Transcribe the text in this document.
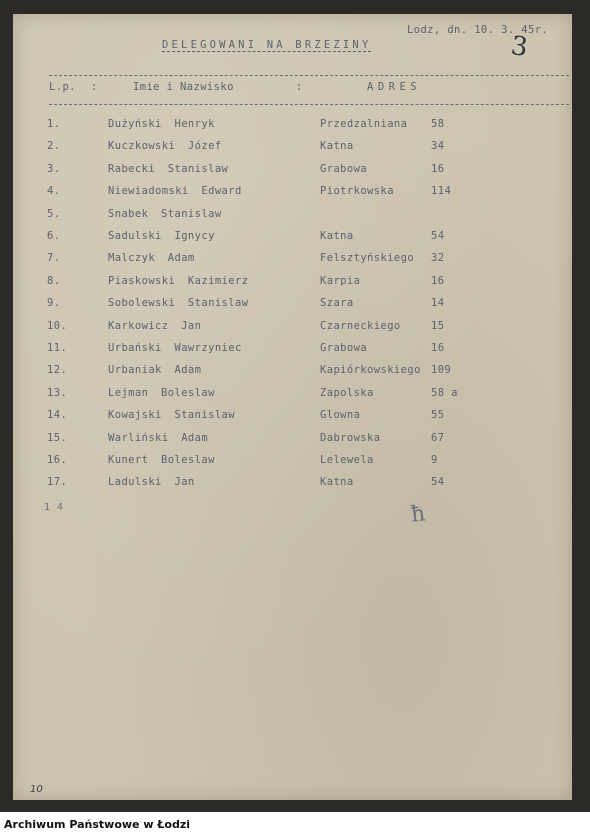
DELEGOWANI NA BRZEZINY
Lodz, dn. 10. 3. 45r.
3
L.p. :	Imie i Nazwisko	:	ADRES
1.	Dużyński Henryk	Przedzalniana 58
2.	Kuczkowski Józef	Katna	34
3.	Rabecki Stanislaw	Grabowa	16
4.	Niewiadomski Edward	Piotrkowska	114
5.	Snabek Stanislaw
6.	Sadulski Ignycy	Katna	54
7.	Malczyk Adam	Felsztyńskiego 32
8.	Piaskowski Kazimierz	Karpia	16
9.	Sobolewski Stanislaw	Szara	14
10.	Karkowicz Jan	Czarneckiego	15
11.	Urbański Wawrzyniec	Grabowa	16
12.	Urbaniak Adam	Kapiórkowskiego 109
13.	Lejman Boleslaw	Zapolska	58 a
14.	Kowajski Stanislaw	Glowna	55
15.	Warliński Adam	Dabrowska	67
16.	Kunert Boleslaw	Lelewela	9
17.	Ladulski Jan	Katna	54
1 4	ħ
10
Archiwum Państwowe w Łodzi
